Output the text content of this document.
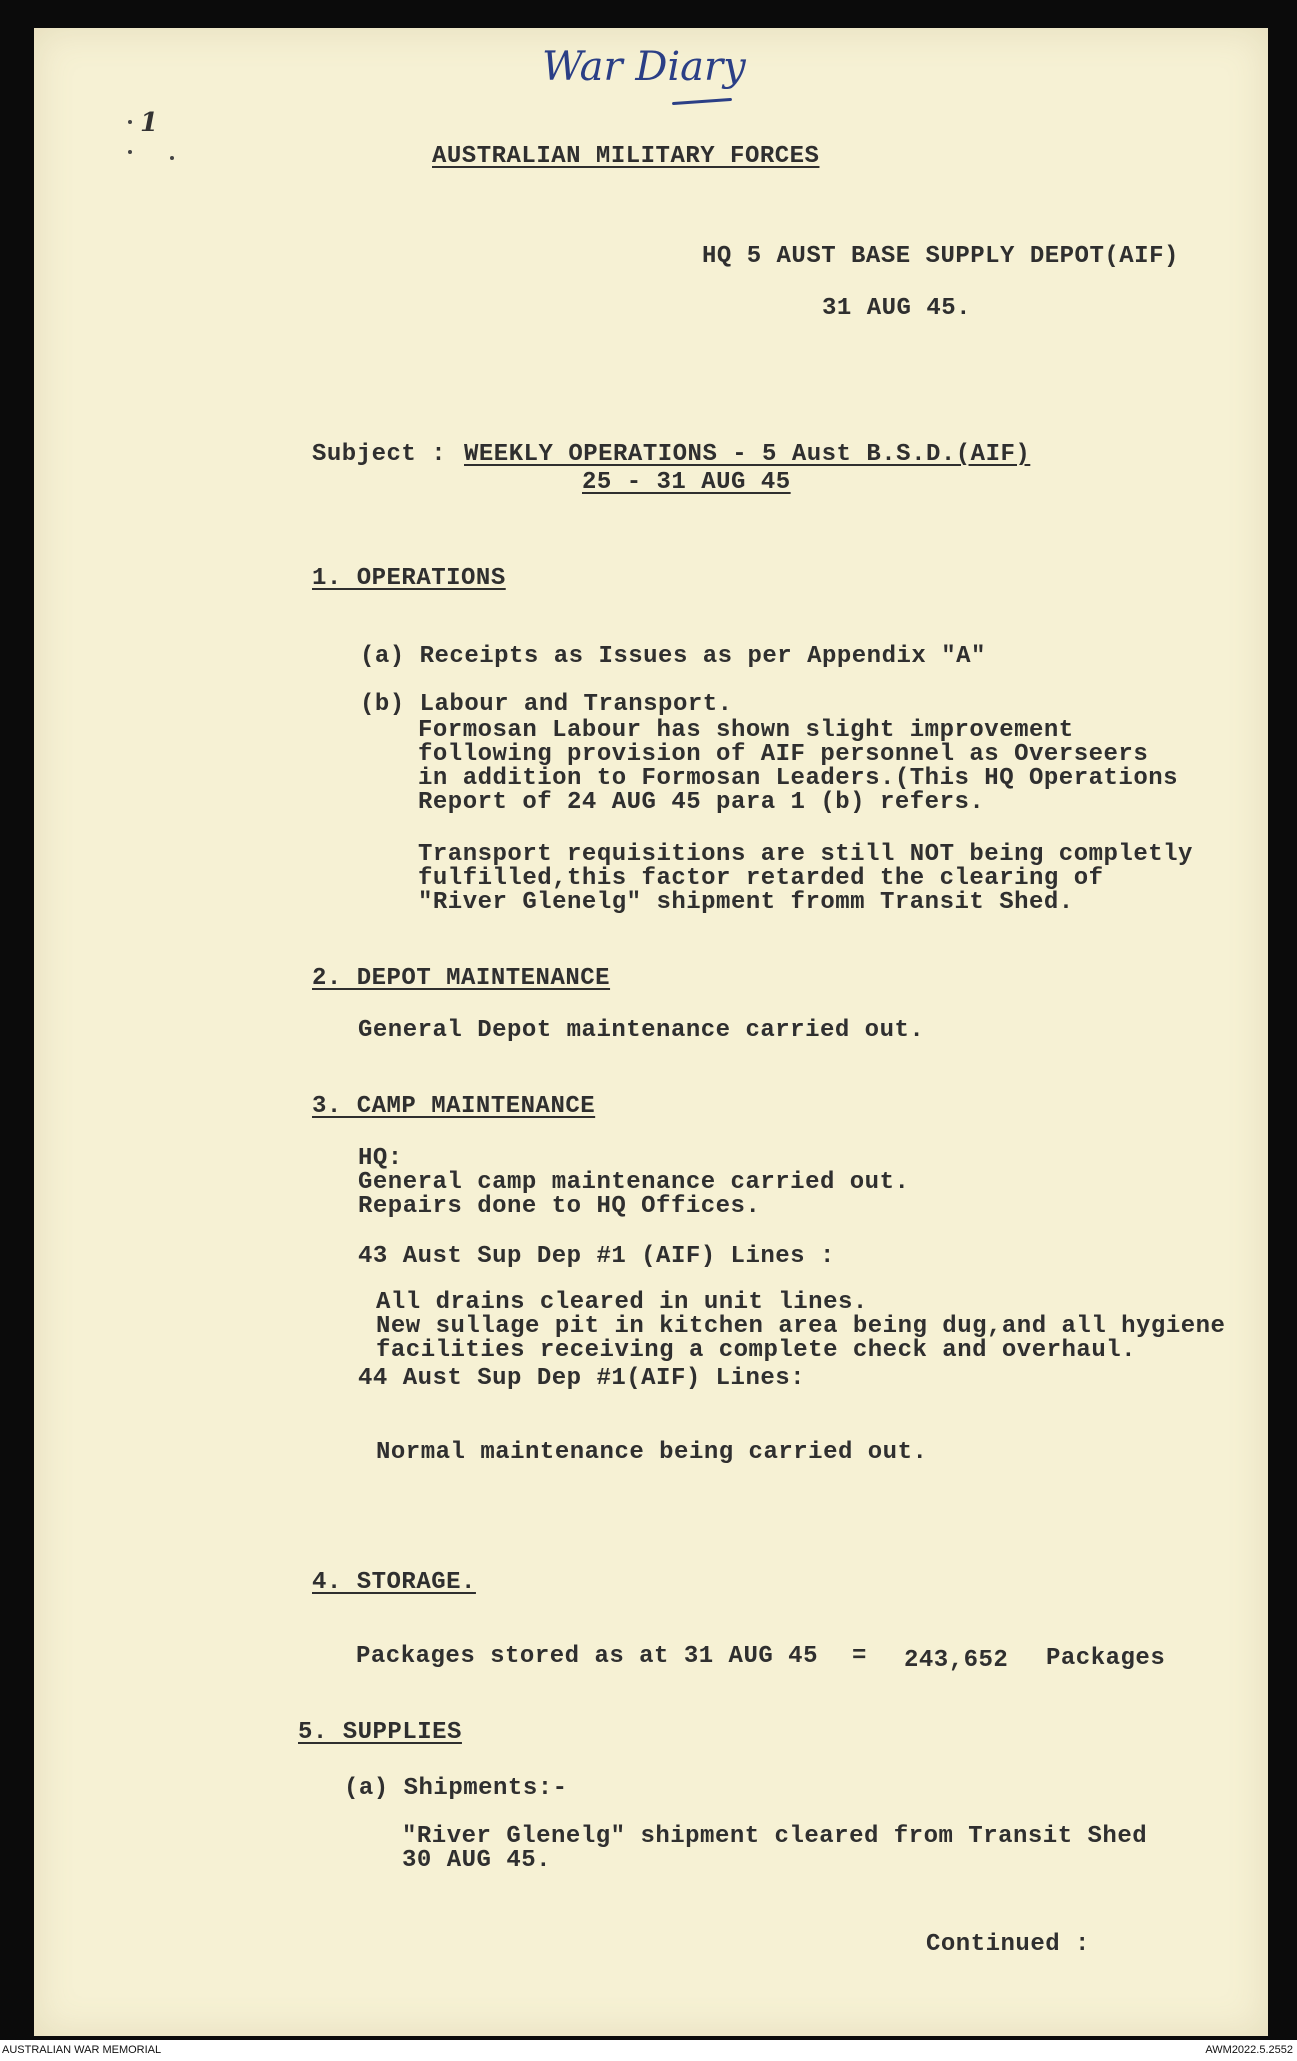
War Diary
1
AUSTRALIAN MILITARY FORCES
HQ 5 AUST BASE SUPPLY DEPOT(AIF)
31 AUG 45.
Subject : WEEKLY OPERATIONS - 5 Aust B.S.D.(AIF)
25 - 31 AUG 45
1. OPERATIONS
(a) Receipts as Issues as per Appendix "A"
(b) Labour and Transport.
Formosan Labour has shown slight improvement
following provision of AIF personnel as Overseers
in addition to Formosan Leaders.(This HQ Operations
Report of 24 AUG 45 para 1 (b) refers.
Transport requisitions are still NOT being completly
fulfilled,this factor retarded the clearing of
"River Glenelg" shipment fromm Transit Shed.
2. DEPOT MAINTENANCE
General Depot maintenance carried out.
3. CAMP MAINTENANCE
HQ:
General camp maintenance carried out.
Repairs done to HQ Offices.
43 Aust Sup Dep #1 (AIF) Lines :
All drains cleared in unit lines.
New sullage pit in kitchen area being dug,and all hygiene
facilities receiving a complete check and overhaul.
44 Aust Sup Dep #1(AIF) Lines:
Normal maintenance being carried out.
4. STORAGE.
Packages stored as at 31 AUG 45 = 243,652 Packages
5. SUPPLIES
(a) Shipments:-
"River Glenelg" shipment cleared from Transit Shed
30 AUG 45.
Continued :
AUSTRALIAN WAR MEMORIAL	AWM2022.5.2552
